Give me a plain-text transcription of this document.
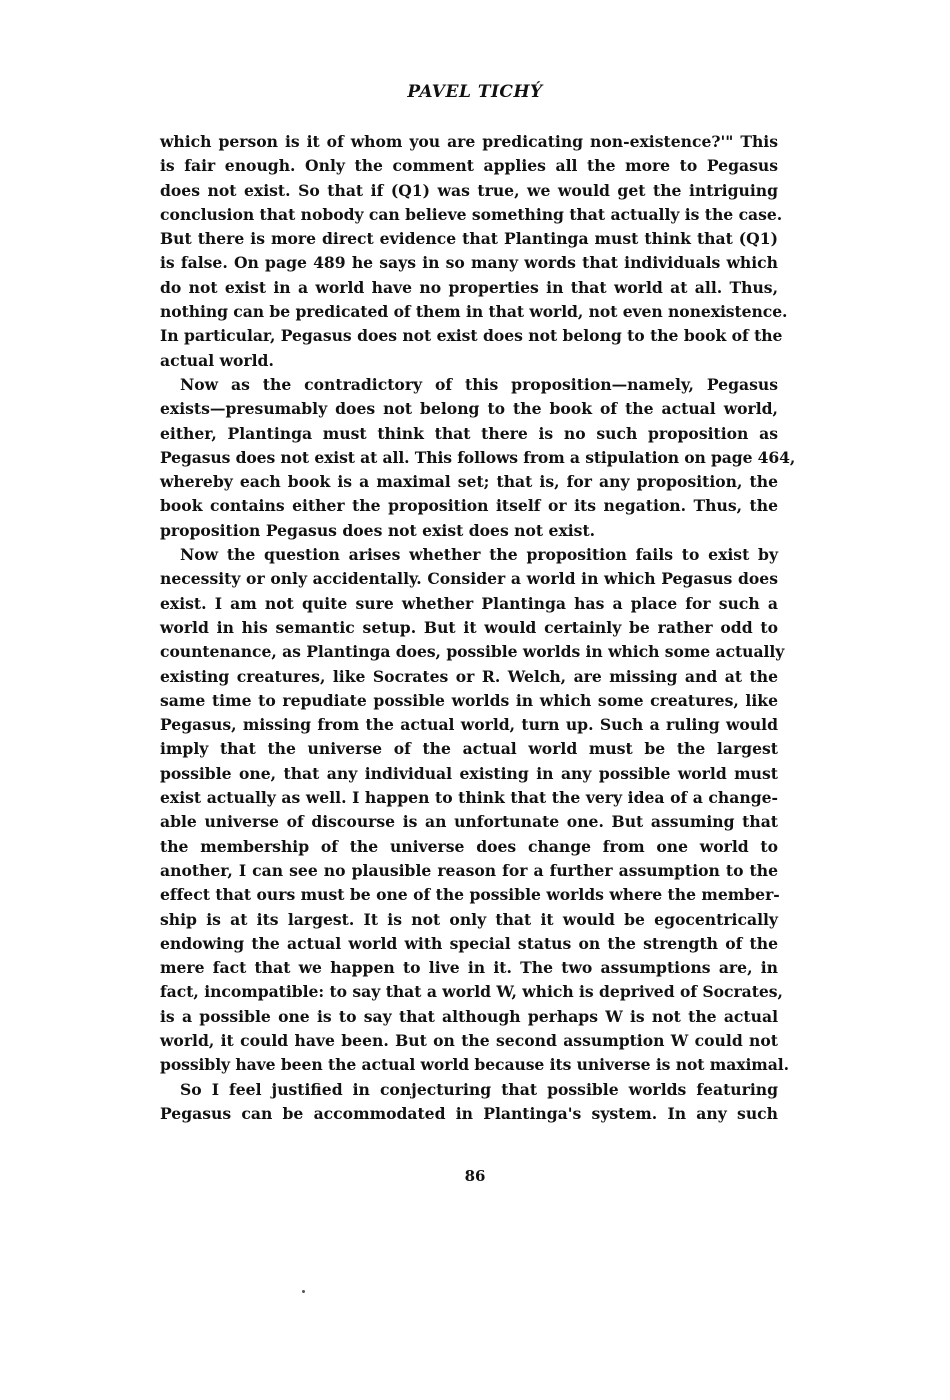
PAVEL TICHÝ
which person is it of whom you are predicating non-existence?'" This
is fair enough. Only the comment applies all the more to Pegasus
does not exist. So that if (Q1) was true, we would get the intriguing
conclusion that nobody can believe something that actually is the case.
But there is more direct evidence that Plantinga must think that (Q1)
is false. On page 489 he says in so many words that individuals which
do not exist in a world have no properties in that world at all. Thus,
nothing can be predicated of them in that world, not even nonexistence.
In particular, Pegasus does not exist does not belong to the book of the
actual world.
Now as the contradictory of this proposition—namely, Pegasus
exists—presumably does not belong to the book of the actual world,
either, Plantinga must think that there is no such proposition as
Pegasus does not exist at all. This follows from a stipulation on page 464,
whereby each book is a maximal set; that is, for any proposition, the
book contains either the proposition itself or its negation. Thus, the
proposition Pegasus does not exist does not exist.
Now the question arises whether the proposition fails to exist by
necessity or only accidentally. Consider a world in which Pegasus does
exist. I am not quite sure whether Plantinga has a place for such a
world in his semantic setup. But it would certainly be rather odd to
countenance, as Plantinga does, possible worlds in which some actually
existing creatures, like Socrates or R. Welch, are missing and at the
same time to repudiate possible worlds in which some creatures, like
Pegasus, missing from the actual world, turn up. Such a ruling would
imply that the universe of the actual world must be the largest
possible one, that any individual existing in any possible world must
exist actually as well. I happen to think that the very idea of a change-
able universe of discourse is an unfortunate one. But assuming that
the membership of the universe does change from one world to
another, I can see no plausible reason for a further assumption to the
effect that ours must be one of the possible worlds where the member-
ship is at its largest. It is not only that it would be egocentrically
endowing the actual world with special status on the strength of the
mere fact that we happen to live in it. The two assumptions are, in
fact, incompatible: to say that a world W, which is deprived of Socrates,
is a possible one is to say that although perhaps W is not the actual
world, it could have been. But on the second assumption W could not
possibly have been the actual world because its universe is not maximal.
So I feel justified in conjecturing that possible worlds featuring
Pegasus can be accommodated in Plantinga's system. In any such
86
